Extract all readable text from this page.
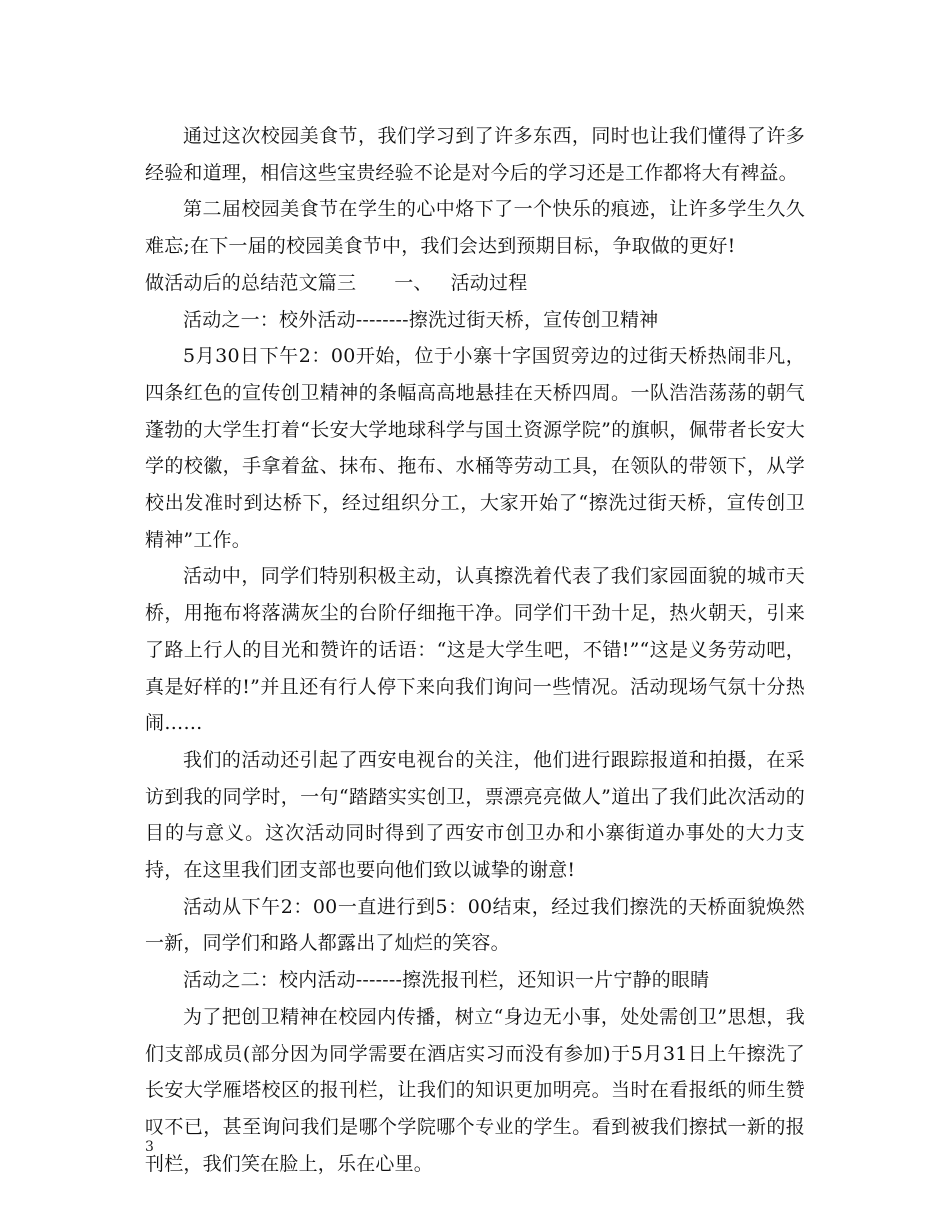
通过这次校园美食节，我们学习到了许多东西，同时也让我们懂得了许多经验和道理，相信这些宝贵经验不论是对今后的学习还是工作都将大有裨益。

第二届校园美食节在学生的心中烙下了一个快乐的痕迹，让许多学生久久难忘;在下一届的校园美食节中，我们会达到预期目标，争取做的更好!

做活动后的总结范文篇三 一、 活动过程

活动之一：校外活动--------擦洗过街天桥，宣传创卫精神

5月30日下午2：00开始，位于小寨十字国贸旁边的过街天桥热闹非凡，四条红色的宣传创卫精神的条幅高高地悬挂在天桥四周。一队浩浩荡荡的朝气蓬勃的大学生打着“长安大学地球科学与国土资源学院”的旗帜，佩带者长安大学的校徽，手拿着盆、抹布、拖布、水桶等劳动工具，在领队的带领下，从学校出发准时到达桥下，经过组织分工，大家开始了“擦洗过街天桥，宣传创卫精神”工作。

活动中，同学们特别积极主动，认真擦洗着代表了我们家园面貌的城市天桥，用拖布将落满灰尘的台阶仔细拖干净。同学们干劲十足，热火朝天，引来了路上行人的目光和赞许的话语：“这是大学生吧，不错!”“这是义务劳动吧，真是好样的!”并且还有行人停下来向我们询问一些情况。活动现场气氛十分热闹……

我们的活动还引起了西安电视台的关注，他们进行跟踪报道和拍摄，在采访到我的同学时，一句“踏踏实实创卫，票漂亮亮做人”道出了我们此次活动的目的与意义。这次活动同时得到了西安市创卫办和小寨街道办事处的大力支持，在这里我们团支部也要向他们致以诚挚的谢意!

活动从下午2：00一直进行到5：00结束，经过我们擦洗的天桥面貌焕然一新，同学们和路人都露出了灿烂的笑容。

活动之二：校内活动-------擦洗报刊栏，还知识一片宁静的眼睛

为了把创卫精神在校园内传播，树立“身边无小事，处处需创卫”思想，我们支部成员(部分因为同学需要在酒店实习而没有参加)于5月31日上午擦洗了长安大学雁塔校区的报刊栏，让我们的知识更加明亮。当时在看报纸的师生赞叹不已，甚至询问我们是哪个学院哪个专业的学生。看到被我们擦拭一新的报刊栏，我们笑在脸上，乐在心里。

3
